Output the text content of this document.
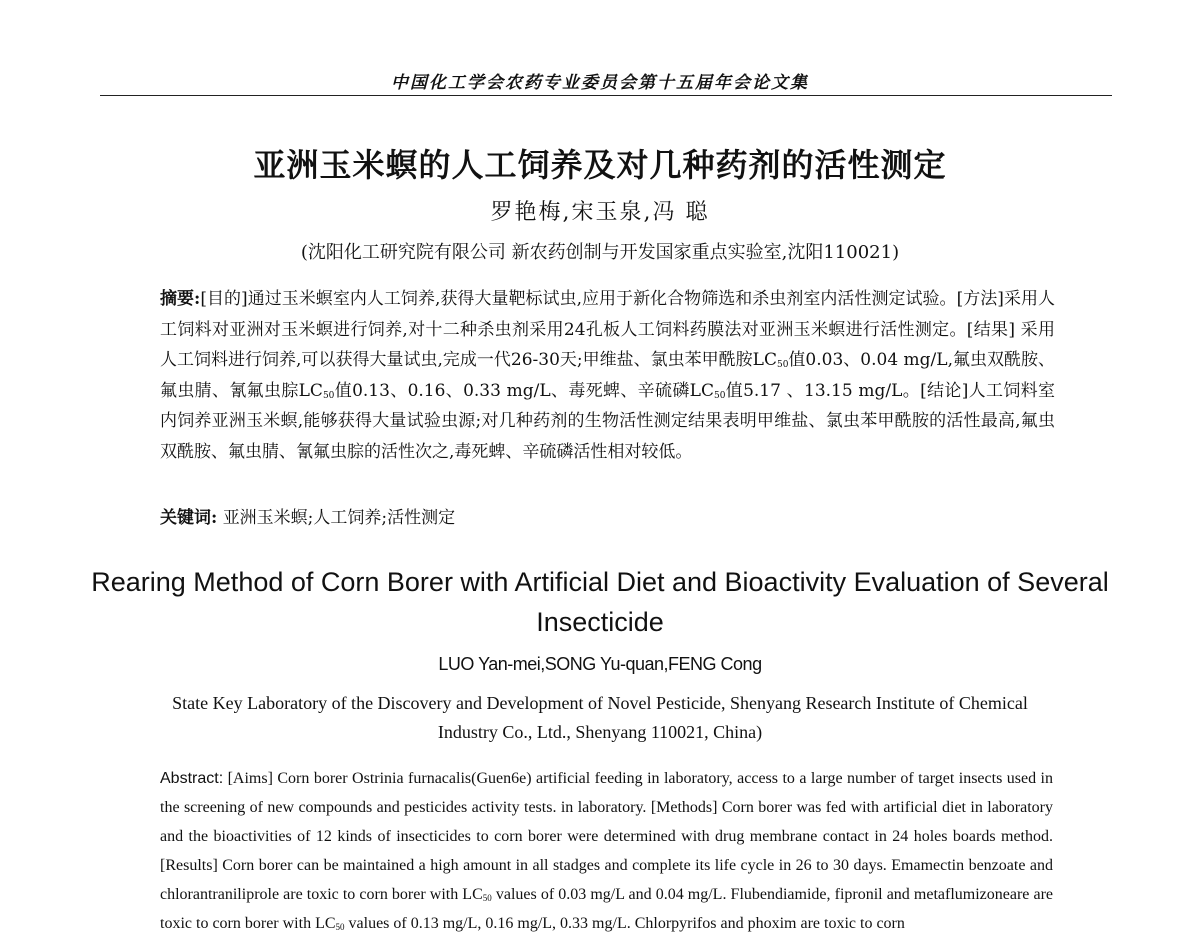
中国化工学会农药专业委员会第十五届年会论文集
亚洲玉米螟的人工饲养及对几种药剂的活性测定
罗艳梅,宋玉泉,冯 聪
(沈阳化工研究院有限公司 新农药创制与开发国家重点实验室,沈阳110021)

摘要:[目的]通过玉米螟室内人工饲养,获得大量靶标试虫,应用于新化合物筛选和杀虫剂室内活性测定试验。[方法]采用人工饲料对亚洲对玉米螟进行饲养,对十二种杀虫剂采用24孔板人工饲料药膜法对亚洲玉米螟进行活性测定。[结果] 采用人工饲料进行饲养,可以获得大量试虫,完成一代26-30天;甲维盐、氯虫苯甲酰胺$LC_{50}$值0.03、0.04 mg/L,氟虫双酰胺、氟虫腈、氰氟虫腙$LC_{50}$值0.13、0.16、0.33 mg/L、毒死蜱、辛硫磷$LC_{50}$值5.17 、13.15 mg/L。[结论]人工饲料室内饲养亚洲玉米螟,能够获得大量试验虫源;对几种药剂的生物活性测定结果表明甲维盐、氯虫苯甲酰胺的活性最高,氟虫双酰胺、氟虫腈、氰氟虫腙的活性次之,毒死蜱、辛硫磷活性相对较低。

关键词: 亚洲玉米螟;人工饲养;活性测定

Rearing Method of Corn Borer with Artificial Diet and Bioactivity Evaluation of Several Insecticide
LUO Yan-mei,SONG Yu-quan,FENG Cong
State Key Laboratory of the Discovery and Development of Novel Pesticide, Shenyang Research Institute of Chemical Industry Co., Ltd., Shenyang 110021, China)

Abstract: [Aims] Corn borer Ostrinia furnacalis(Guen6e) artificial feeding in laboratory, access to a large number of target insects used in the screening of new compounds and pesticides activity tests. in laboratory. [Methods] Corn borer was fed with artificial diet in laboratory and the bioactivities of 12 kinds of insecticides to corn borer were determined with drug membrane contact in 24 holes boards method. [Results] Corn borer can be maintained a high amount in all stadges and complete its life cycle in 26 to 30 days. Emamectin benzoate and chlorantraniliprole are toxic to corn borer with $LC_{50}$ values of 0.03 mg/L and 0.04 mg/L. Flubendiamide, fipronil and metaflumizoneare are toxic to corn borer with $LC_{50}$ values of 0.13 mg/L, 0.16 mg/L, 0.33 mg/L. Chlorpyrifos and phoxim are toxic to corn
